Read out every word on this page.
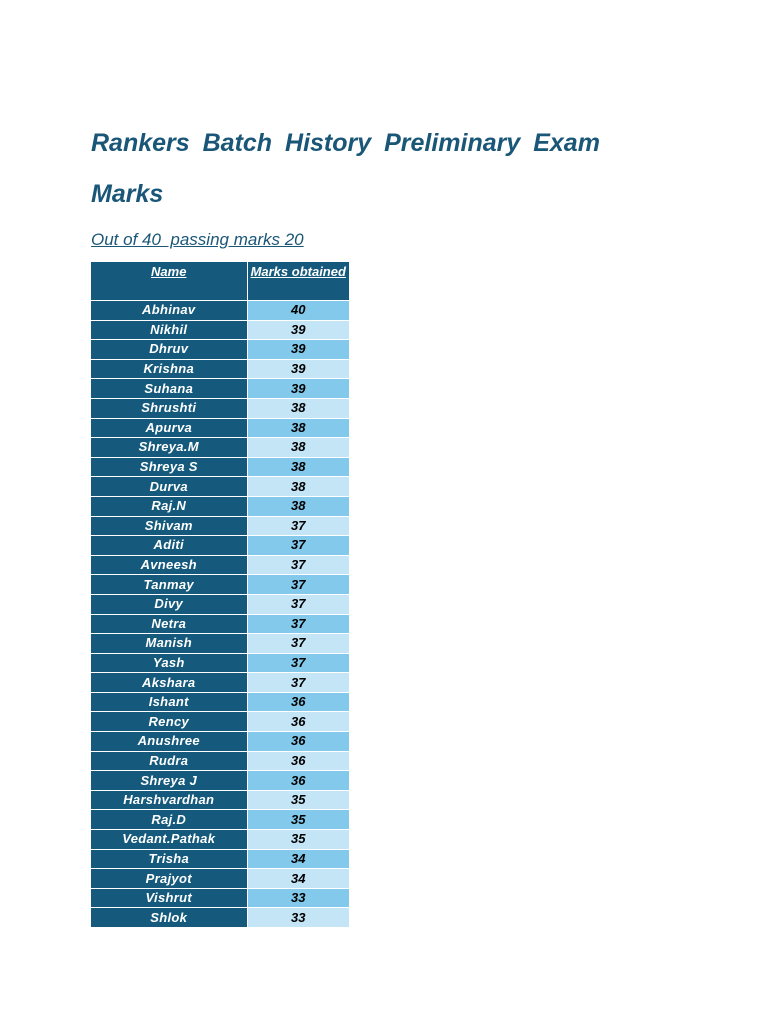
Rankers Batch History Preliminary Exam Marks

Out of 40  passing marks 20

Name	Marks obtained
Abhinav	40
Nikhil	39
Dhruv	39
Krishna	39
Suhana	39
Shrushti	38
Apurva	38
Shreya.M	38
Shreya S	38
Durva	38
Raj.N	38
Shivam	37
Aditi	37
Avneesh	37
Tanmay	37
Divy	37
Netra	37
Manish	37
Yash	37
Akshara	37
Ishant	36
Rency	36
Anushree	36
Rudra	36
Shreya J	36
Harshvardhan	35
Raj.D	35
Vedant.Pathak	35
Trisha	34
Prajyot	34
Vishrut	33
Shlok	33
